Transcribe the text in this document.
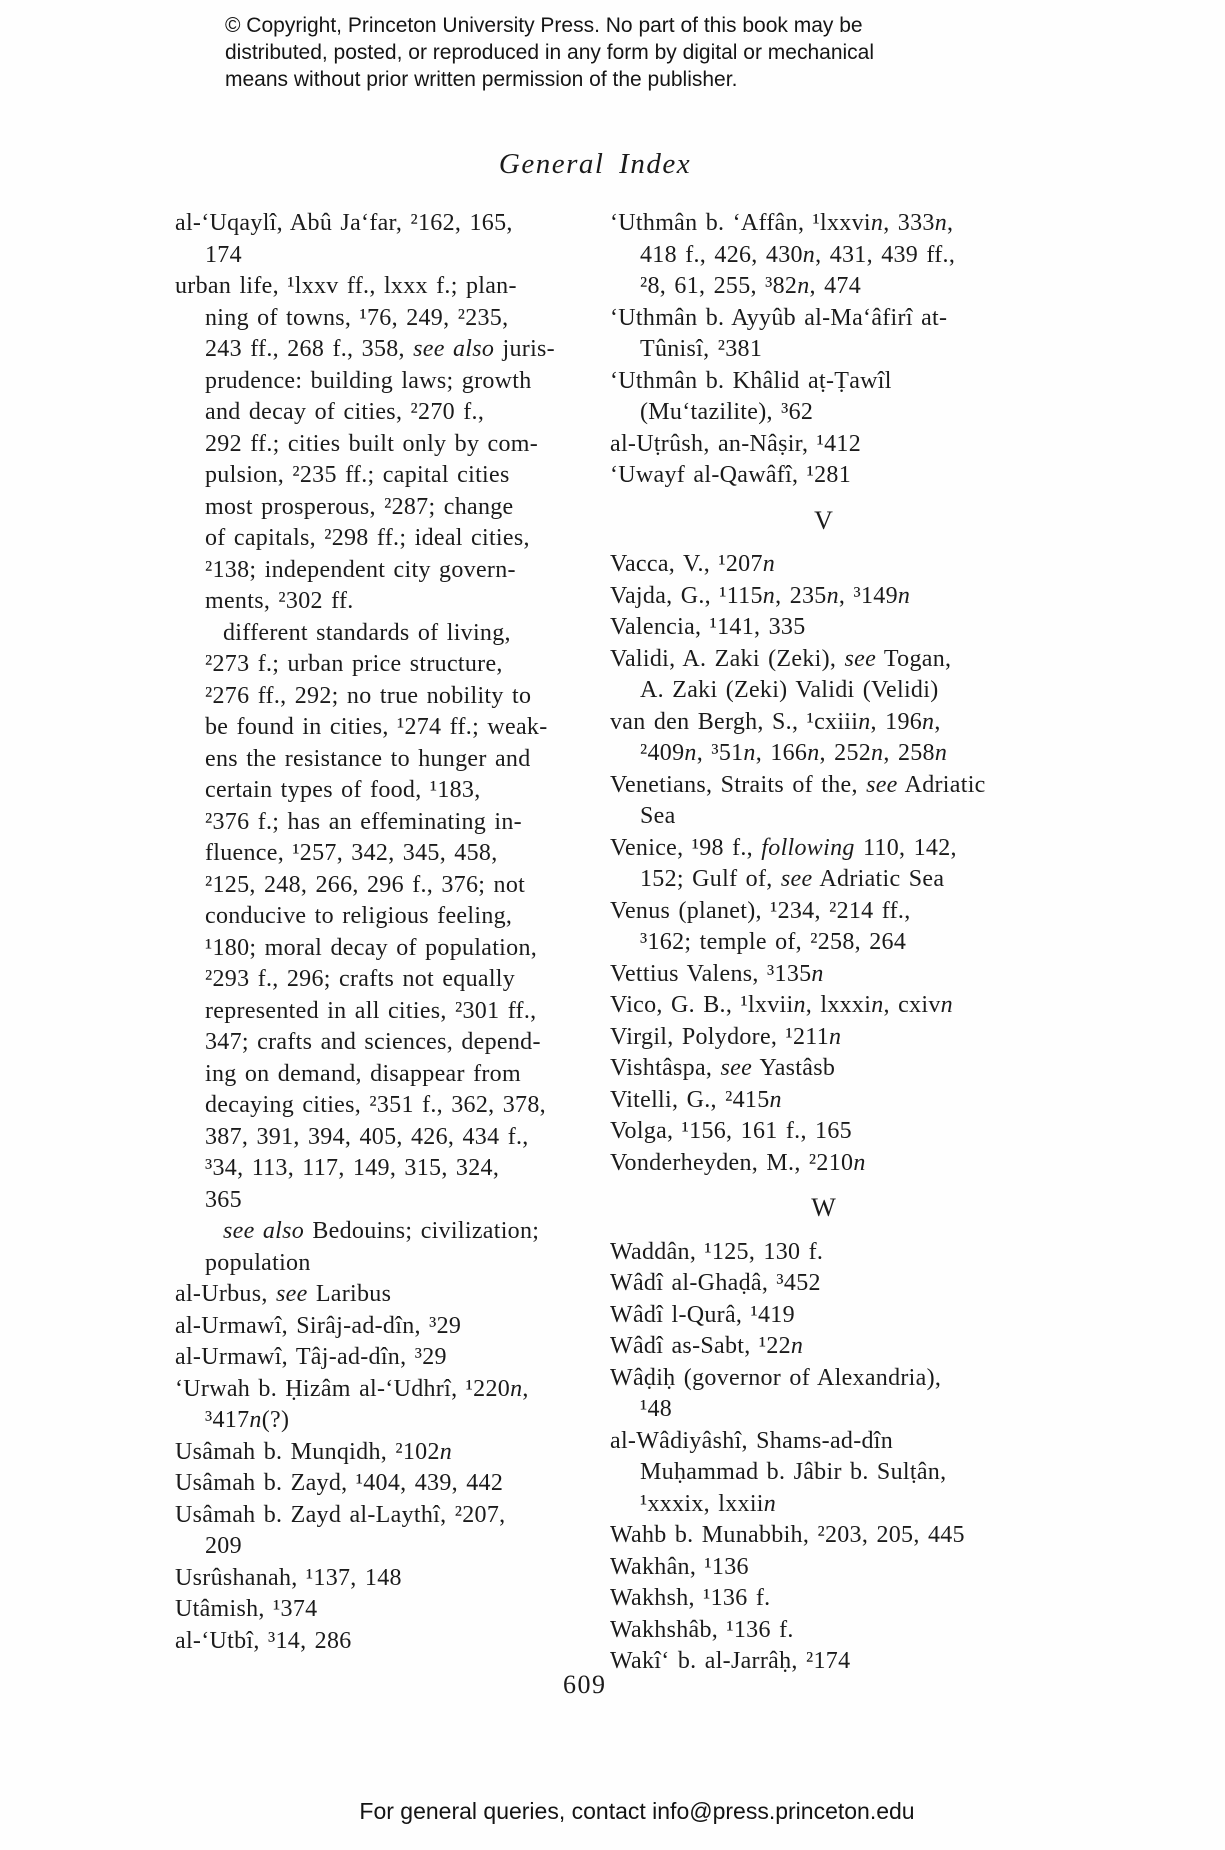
© Copyright, Princeton University Press. No part of this book may be
distributed, posted, or reproduced in any form by digital or mechanical
means without prior written permission of the publisher.
General Index
al-‘Uqaylî, Abû Ja‘far, ²162, 165,
174
urban life, ¹lxxv ff., lxxx f.; plan-
ning of towns, ¹76, 249, ²235,
243 ff., 268 f., 358, see also juris-
prudence: building laws; growth
and decay of cities, ²270 f.,
292 ff.; cities built only by com-
pulsion, ²235 ff.; capital cities
most prosperous, ²287; change
of capitals, ²298 ff.; ideal cities,
²138; independent city govern-
ments, ²302 ff.
different standards of living,
²273 f.; urban price structure,
²276 ff., 292; no true nobility to
be found in cities, ¹274 ff.; weak-
ens the resistance to hunger and
certain types of food, ¹183,
²376 f.; has an effeminating in-
fluence, ¹257, 342, 345, 458,
²125, 248, 266, 296 f., 376; not
conducive to religious feeling,
¹180; moral decay of population,
²293 f., 296; crafts not equally
represented in all cities, ²301 ff.,
347; crafts and sciences, depend-
ing on demand, disappear from
decaying cities, ²351 f., 362, 378,
387, 391, 394, 405, 426, 434 f.,
³34, 113, 117, 149, 315, 324,
365
see also Bedouins; civilization;
population
al-Urbus, see Laribus
al-Urmawî, Sirâj-ad-dîn, ³29
al-Urmawî, Tâj-ad-dîn, ³29
‘Urwah b. Ḥizâm al-‘Udhrî, ¹220n,
³417n(?)
Usâmah b. Munqidh, ²102n
Usâmah b. Zayd, ¹404, 439, 442
Usâmah b. Zayd al-Laythî, ²207,
209
Usrûshanah, ¹137, 148
Utâmish, ¹374
al-‘Utbî, ³14, 286
‘Uthmân b. ‘Affân, ¹lxxvin, 333n,
418 f., 426, 430n, 431, 439 ff.,
²8, 61, 255, ³82n, 474
‘Uthmân b. Ayyûb al-Ma‘âfirî at-
Tûnisî, ²381
‘Uthmân b. Khâlid aṭ-Ṭawîl
(Mu‘tazilite), ³62
al-Uṭrûsh, an-Nâṣir, ¹412
‘Uwayf al-Qawâfî, ¹281
V
Vacca, V., ¹207n
Vajda, G., ¹115n, 235n, ³149n
Valencia, ¹141, 335
Validi, A. Zaki (Zeki), see Togan,
A. Zaki (Zeki) Validi (Velidi)
van den Bergh, S., ¹cxiiin, 196n,
²409n, ³51n, 166n, 252n, 258n
Venetians, Straits of the, see Adriatic
Sea
Venice, ¹98 f., following 110, 142,
152; Gulf of, see Adriatic Sea
Venus (planet), ¹234, ²214 ff.,
³162; temple of, ²258, 264
Vettius Valens, ³135n
Vico, G. B., ¹lxviin, lxxxin, cxivn
Virgil, Polydore, ¹211n
Vishtâspa, see Yastâsb
Vitelli, G., ²415n
Volga, ¹156, 161 f., 165
Vonderheyden, M., ²210n
W
Waddân, ¹125, 130 f.
Wâdî al-Ghaḍâ, ³452
Wâdî l-Qurâ, ¹419
Wâdî as-Sabt, ¹22n
Wâḍiḥ (governor of Alexandria),
¹48
al-Wâdiyâshî, Shams-ad-dîn
Muḥammad b. Jâbir b. Sulṭân,
¹xxxix, lxxiin
Wahb b. Munabbih, ²203, 205, 445
Wakhân, ¹136
Wakhsh, ¹136 f.
Wakhshâb, ¹136 f.
Wakî‘ b. al-Jarrâḥ, ²174
609
For general queries, contact info@press.princeton.edu
